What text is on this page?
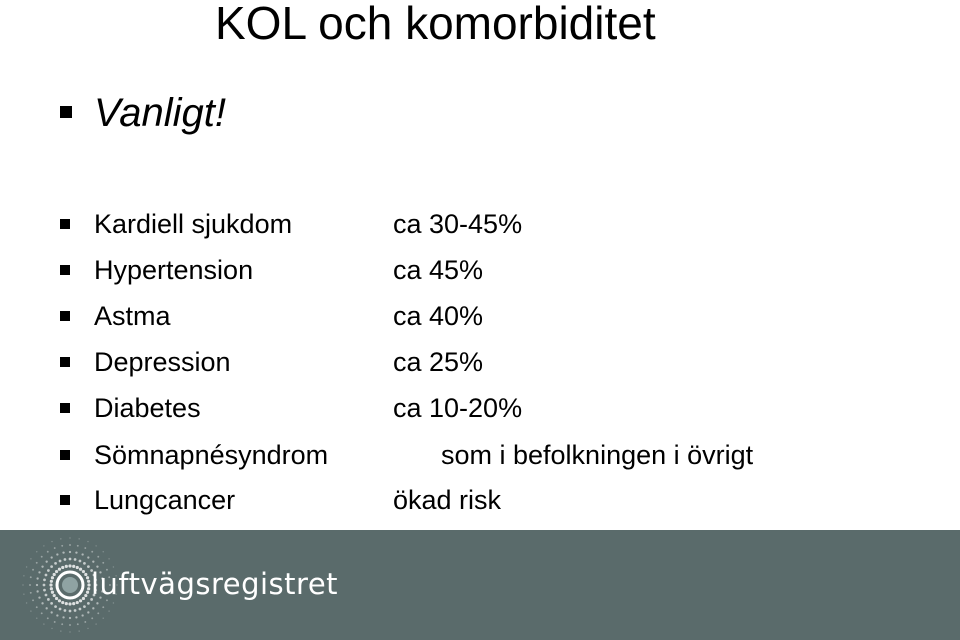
KOL och komorbiditet
Vanligt!
Kardiell sjukdom	ca 30-45%
Hypertension	ca 45%
Astma	ca 40%
Depression	ca 25%
Diabetes	ca 10-20%
Sömnapnésyndrom	som i befolkningen i övrigt
Lungcancer	ökad risk
luftvägsregistret
